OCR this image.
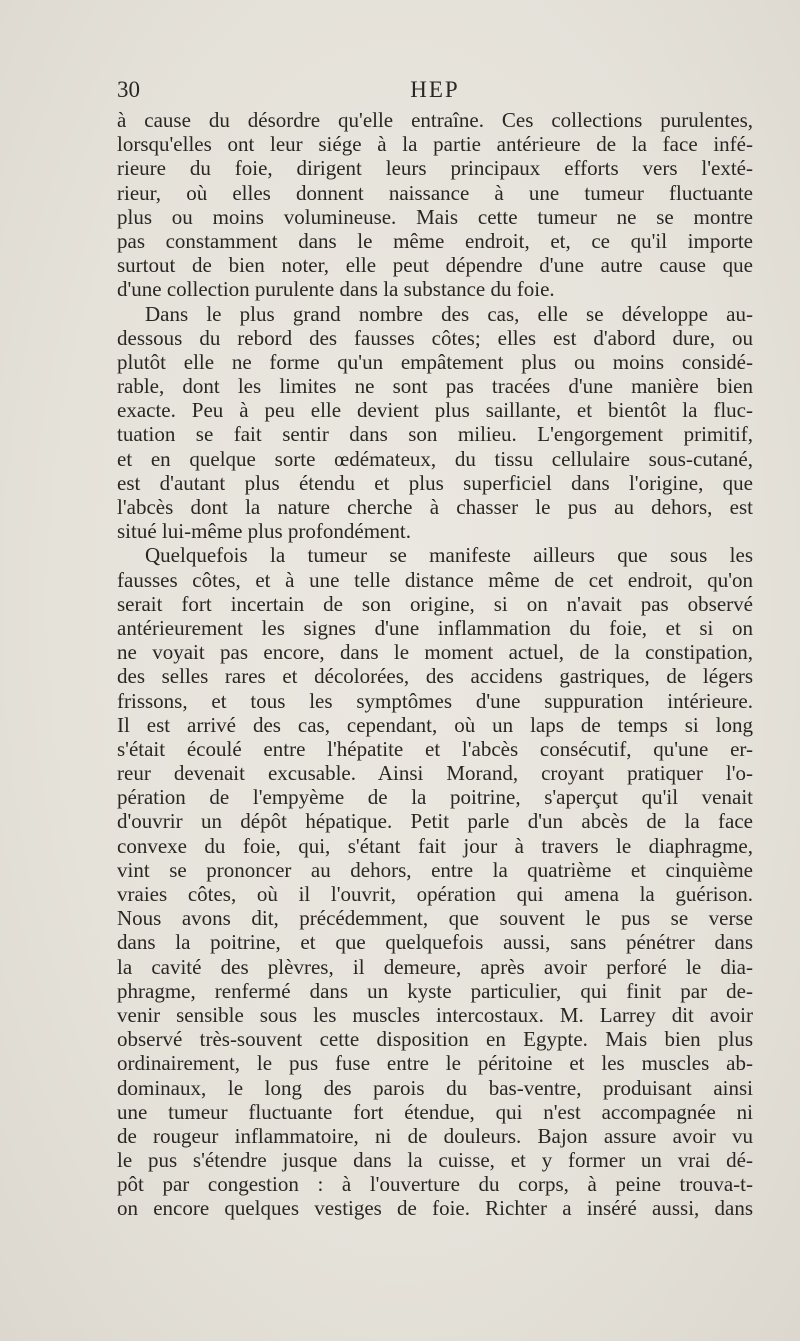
30	HEP
à cause du désordre qu'elle entraîne. Ces collections purulentes,
lorsqu'elles ont leur siége à la partie antérieure de la face infé-
rieure du foie, dirigent leurs principaux efforts vers l'exté-
rieur, où elles donnent naissance à une tumeur fluctuante
plus ou moins volumineuse. Mais cette tumeur ne se montre
pas constamment dans le même endroit, et, ce qu'il importe
surtout de bien noter, elle peut dépendre d'une autre cause que
d'une collection purulente dans la substance du foie.
Dans le plus grand nombre des cas, elle se développe au-
dessous du rebord des fausses côtes; elles est d'abord dure, ou
plutôt elle ne forme qu'un empâtement plus ou moins considé-
rable, dont les limites ne sont pas tracées d'une manière bien
exacte. Peu à peu elle devient plus saillante, et bientôt la fluc-
tuation se fait sentir dans son milieu. L'engorgement primitif,
et en quelque sorte œdémateux, du tissu cellulaire sous-cutané,
est d'autant plus étendu et plus superficiel dans l'origine, que
l'abcès dont la nature cherche à chasser le pus au dehors, est
situé lui-même plus profondément.
Quelquefois la tumeur se manifeste ailleurs que sous les
fausses côtes, et à une telle distance même de cet endroit, qu'on
serait fort incertain de son origine, si on n'avait pas observé
antérieurement les signes d'une inflammation du foie, et si on
ne voyait pas encore, dans le moment actuel, de la constipation,
des selles rares et décolorées, des accidens gastriques, de légers
frissons, et tous les symptômes d'une suppuration intérieure.
Il est arrivé des cas, cependant, où un laps de temps si long
s'était écoulé entre l'hépatite et l'abcès consécutif, qu'une er-
reur devenait excusable. Ainsi Morand, croyant pratiquer l'o-
pération de l'empyème de la poitrine, s'aperçut qu'il venait
d'ouvrir un dépôt hépatique. Petit parle d'un abcès de la face
convexe du foie, qui, s'étant fait jour à travers le diaphragme,
vint se prononcer au dehors, entre la quatrième et cinquième
vraies côtes, où il l'ouvrit, opération qui amena la guérison.
Nous avons dit, précédemment, que souvent le pus se verse
dans la poitrine, et que quelquefois aussi, sans pénétrer dans
la cavité des plèvres, il demeure, après avoir perforé le dia-
phragme, renfermé dans un kyste particulier, qui finit par de-
venir sensible sous les muscles intercostaux. M. Larrey dit avoir
observé très-souvent cette disposition en Egypte. Mais bien plus
ordinairement, le pus fuse entre le péritoine et les muscles ab-
dominaux, le long des parois du bas-ventre, produisant ainsi
une tumeur fluctuante fort étendue, qui n'est accompagnée ni
de rougeur inflammatoire, ni de douleurs. Bajon assure avoir vu
le pus s'étendre jusque dans la cuisse, et y former un vrai dé-
pôt par congestion : à l'ouverture du corps, à peine trouva-t-
on encore quelques vestiges de foie. Richter a inséré aussi, dans
